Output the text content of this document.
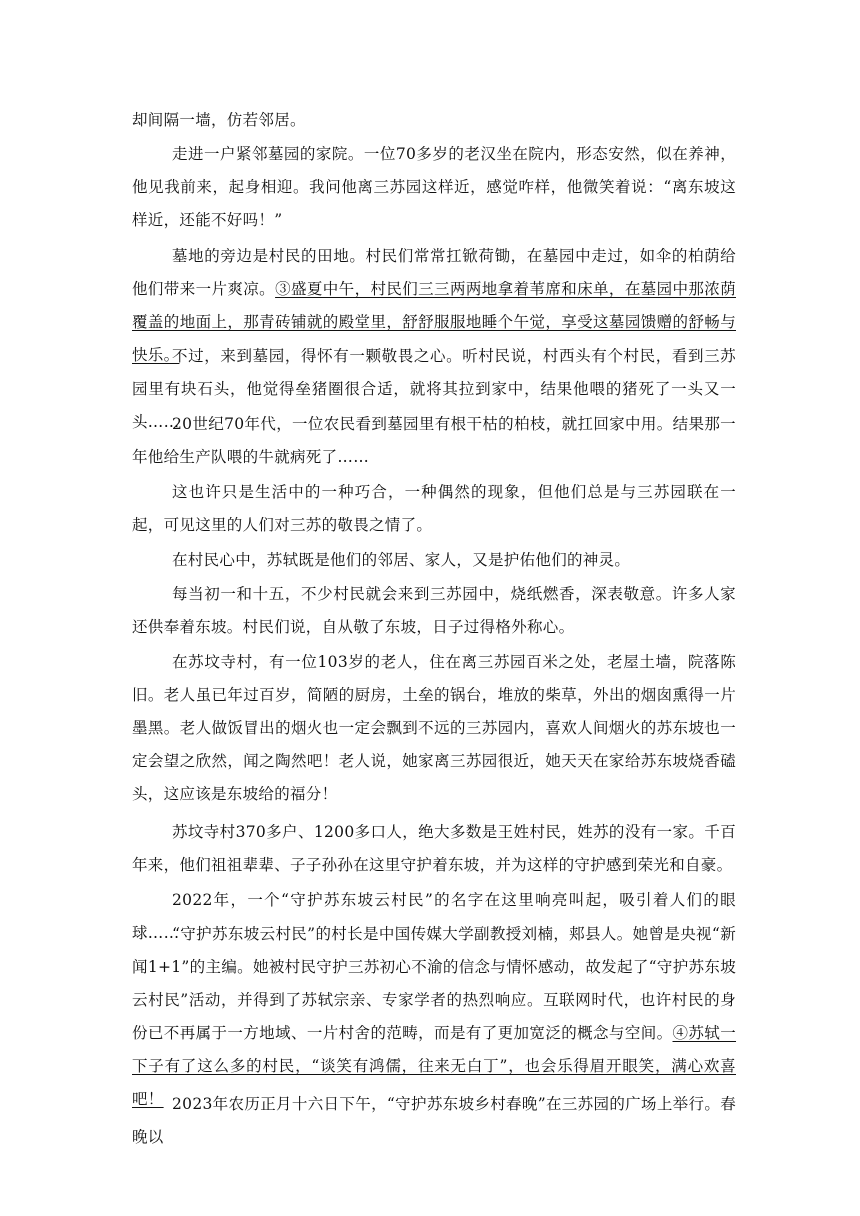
却间隔一墙，仿若邻居。

走进一户紧邻墓园的家院。一位70多岁的老汉坐在院内，形态安然，似在养神，他见我前来，起身相迎。我问他离三苏园这样近，感觉咋样，他微笑着说：“离东坡这样近，还能不好吗！”

墓地的旁边是村民的田地。村民们常常扛锨荷锄，在墓园中走过，如伞的柏荫给他们带来一片爽凉。③盛夏中午，村民们三三两两地拿着苇席和床单，在墓园中那浓荫覆盖的地面上，那青砖铺就的殿堂里，舒舒服服地睡个午觉，享受这墓园馈赠的舒畅与快乐。

不过，来到墓园，得怀有一颗敬畏之心。听村民说，村西头有个村民，看到三苏园里有块石头，他觉得垒猪圈很合适，就将其拉到家中，结果他喂的猪死了一头又一头……

20世纪70年代，一位农民看到墓园里有根干枯的柏枝，就扛回家中用。结果那一年他给生产队喂的牛就病死了……

这也许只是生活中的一种巧合，一种偶然的现象，但他们总是与三苏园联在一起，可见这里的人们对三苏的敬畏之情了。

在村民心中，苏轼既是他们的邻居、家人，又是护佑他们的神灵。

每当初一和十五，不少村民就会来到三苏园中，烧纸燃香，深表敬意。许多人家还供奉着东坡。村民们说，自从敬了东坡，日子过得格外称心。

在苏坟寺村，有一位103岁的老人，住在离三苏园百米之处，老屋土墙，院落陈旧。老人虽已年过百岁，简陋的厨房，土垒的锅台，堆放的柴草，外出的烟囱熏得一片墨黑。老人做饭冒出的烟火也一定会飘到不远的三苏园内，喜欢人间烟火的苏东坡也一定会望之欣然，闻之陶然吧！老人说，她家离三苏园很近，她天天在家给苏东坡烧香磕头，这应该是东坡给的福分！

苏坟寺村370多户、1200多口人，绝大多数是王姓村民，姓苏的没有一家。千百年来，他们祖祖辈辈、子子孙孙在这里守护着东坡，并为这样的守护感到荣光和自豪。

2022年，一个“守护苏东坡云村民”的名字在这里响亮叫起，吸引着人们的眼球……

“守护苏东坡云村民”的村长是中国传媒大学副教授刘楠，郏县人。她曾是央视“新闻1+1”的主编。她被村民守护三苏初心不渝的信念与情怀感动，故发起了“守护苏东坡云村民”活动，并得到了苏轼宗亲、专家学者的热烈响应。互联网时代，也许村民的身份已不再属于一方地域、一片村舍的范畴，而是有了更加宽泛的概念与空间。④苏轼一下子有了这么多的村民，“谈笑有鸿儒，往来无白丁”，也会乐得眉开眼笑，满心欢喜吧！ 2023年农历正月十六日下午，“守护苏东坡乡村春晚”在三苏园的广场上举行。春晚以
